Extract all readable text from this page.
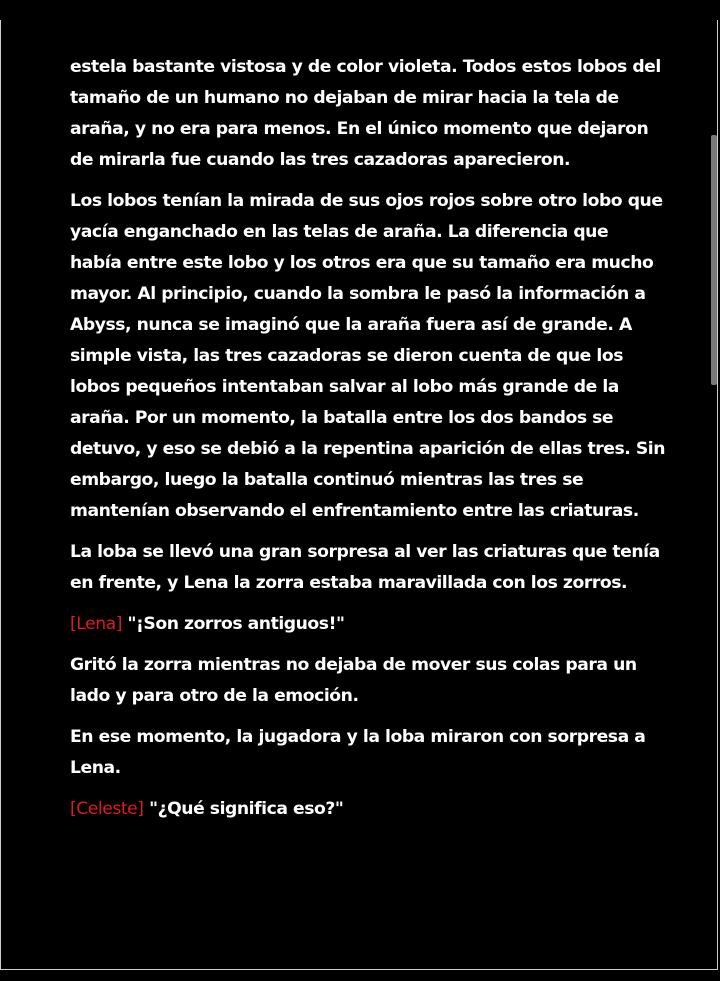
estela bastante vistosa y de color violeta. Todos estos lobos del tamaño de un humano no dejaban de mirar hacia la tela de araña, y no era para menos. En el único momento que dejaron de mirarla fue cuando las tres cazadoras aparecieron.

Los lobos tenían la mirada de sus ojos rojos sobre otro lobo que yacía enganchado en las telas de araña. La diferencia que había entre este lobo y los otros era que su tamaño era mucho mayor. Al principio, cuando la sombra le pasó la información a Abyss, nunca se imaginó que la araña fuera así de grande. A simple vista, las tres cazadoras se dieron cuenta de que los lobos pequeños intentaban salvar al lobo más grande de la araña. Por un momento, la batalla entre los dos bandos se detuvo, y eso se debió a la repentina aparición de ellas tres. Sin embargo, luego la batalla continuó mientras las tres se mantenían observando el enfrentamiento entre las criaturas.

La loba se llevó una gran sorpresa al ver las criaturas que tenía en frente, y Lena la zorra estaba maravillada con los zorros.

[Lena] "¡Son zorros antiguos!"

Gritó la zorra mientras no dejaba de mover sus colas para un lado y para otro de la emoción.

En ese momento, la jugadora y la loba miraron con sorpresa a Lena.

[Celeste] "¿Qué significa eso?"
